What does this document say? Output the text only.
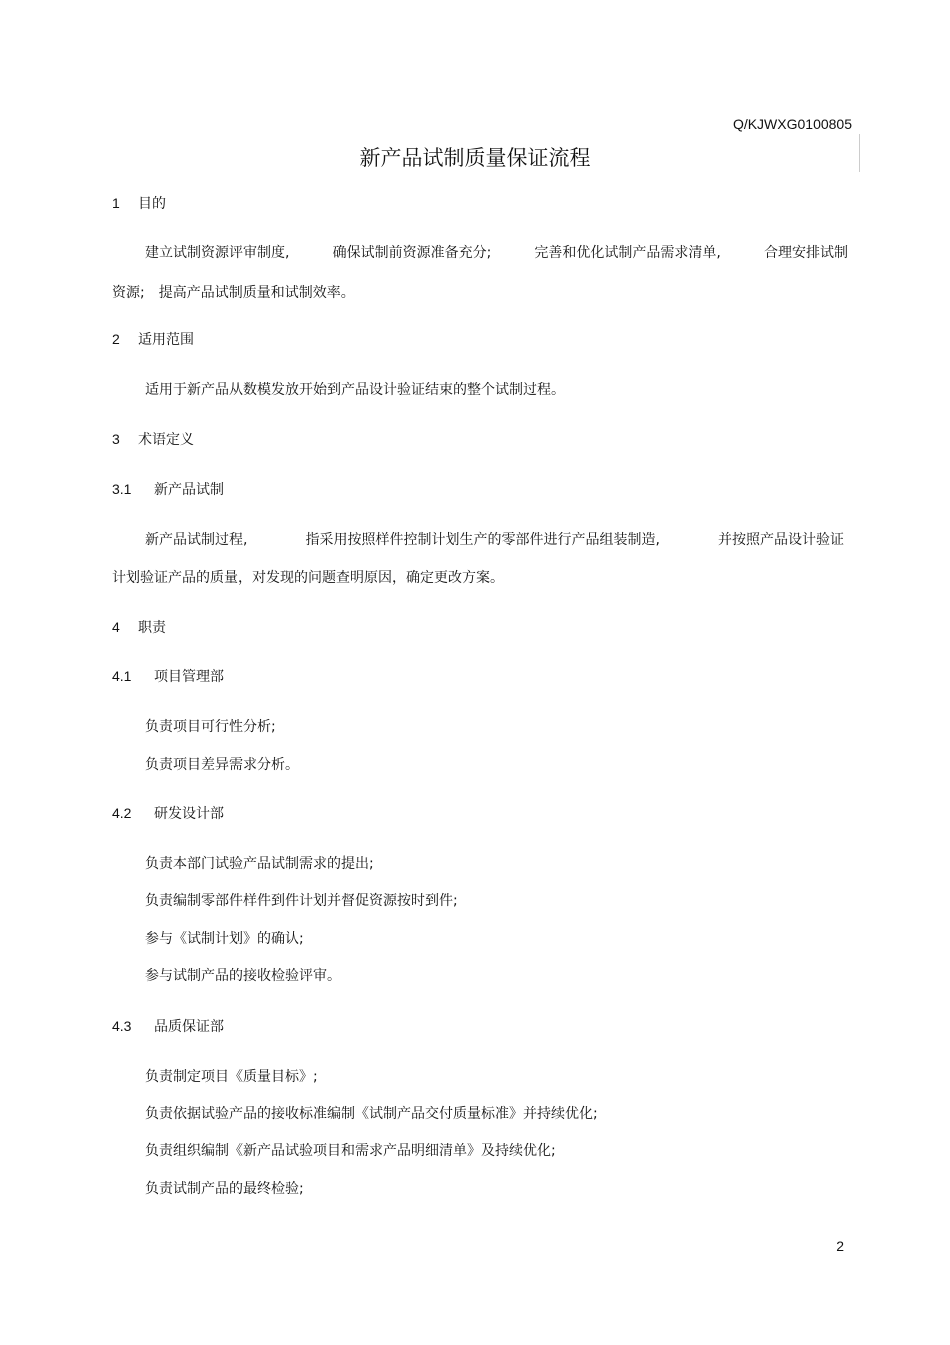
Q/KJWXG0100805
新产品试制质量保证流程
1 目的
建立试制资源评审制度,	确保试制前资源准备充分;	完善和优化试制产品需求清单,	合理安排试制
资源;　提高产品试制质量和试制效率。
2 适用范围
适用于新产品从数模发放开始到产品设计验证结束的整个试制过程。
3 术语定义
3.1 新产品试制
新产品试制过程,	指采用按照样件控制计划生产的零部件进行产品组装制造,	并按照产品设计验证
计划验证产品的质量，对发现的问题查明原因，确定更改方案。
4 职责
4.1 项目管理部
负责项目可行性分析;
负责项目差异需求分析。
4.2 研发设计部
负责本部门试验产品试制需求的提出;
负责编制零部件样件到件计划并督促资源按时到件;
参与《试制计划》的确认;
参与试制产品的接收检验评审。
4.3 品质保证部
负责制定项目《质量目标》;
负责依据试验产品的接收标准编制《试制产品交付质量标准》并持续优化;
负责组织编制《新产品试验项目和需求产品明细清单》及持续优化;
负责试制产品的最终检验;
2
